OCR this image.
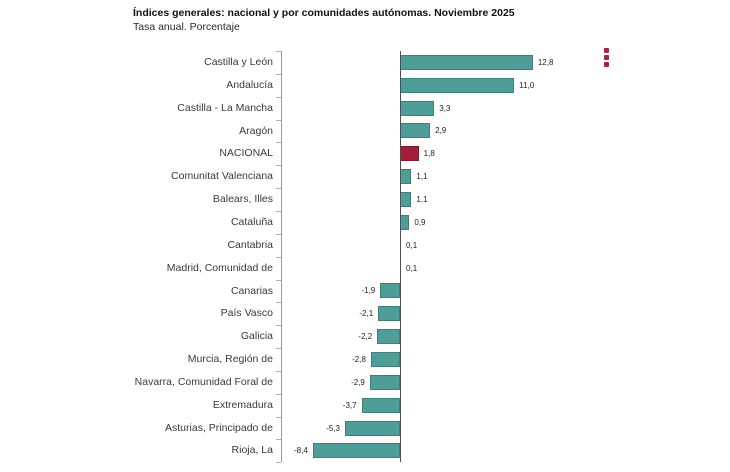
Índices generales: nacional y por comunidades autónomas. Noviembre 2025
Tasa anual. Porcentaje
Castilla y León	12,8
Andalucía	11,0
Castilla - La Mancha	3,3
Aragón	2,9
NACIONAL	1,8
Comunitat Valenciana	1,1
Balears, Illes	1,1
Cataluña	0,9
Cantabria	0,1
Madrid, Comunidad de	0,1
Canarias	-1,9
País Vasco	-2,1
Galicia	-2,2
Murcia, Región de	-2,8
Navarra, Comunidad Foral de	-2,9
Extremadura	-3,7
Asturias, Principado de	-5,3
Rioja, La	-8,4
